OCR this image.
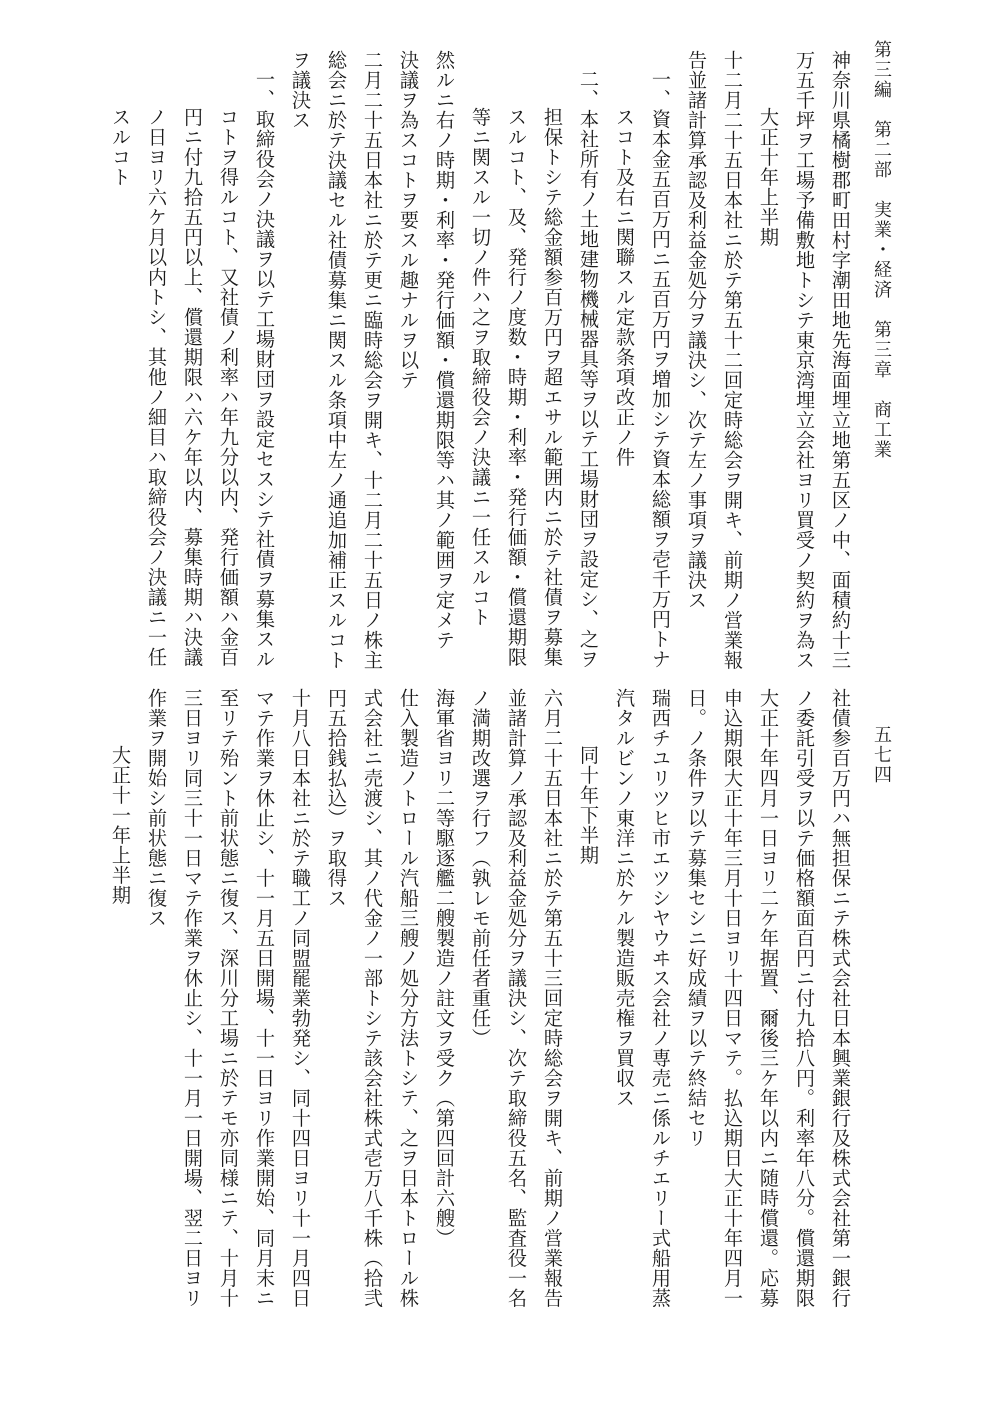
第三編　第二部　実業・経済　第三章　商工業
五七四
神奈川県橘樹郡町田村字潮田地先海面埋立地第五区ノ中、面積約十三
万五千坪ヲ工場予備敷地トシテ東京湾埋立会社ヨリ買受ノ契約ヲ為ス
大正十年上半期
十二月二十五日本社ニ於テ第五十二回定時総会ヲ開キ、前期ノ営業報
告並諸計算承認及利益金処分ヲ議決シ、次テ左ノ事項ヲ議決ス
一、資本金五百万円ニ五百万円ヲ増加シテ資本総額ヲ壱千万円トナ
スコト及右ニ関聯スル定款条項改正ノ件
二、本社所有ノ土地建物機械器具等ヲ以テ工場財団ヲ設定シ、之ヲ
担保トシテ総金額参百万円ヲ超エサル範囲内ニ於テ社債ヲ募集
スルコト、及、発行ノ度数・時期・利率・発行価額・償還期限
等ニ関スル一切ノ件ハ之ヲ取締役会ノ決議ニ一任スルコト
然ルニ右ノ時期・利率・発行価額・償還期限等ハ其ノ範囲ヲ定メテ
決議ヲ為スコトヲ要スル趣ナルヲ以テ
二月二十五日本社ニ於テ更ニ臨時総会ヲ開キ、十二月二十五日ノ株主
総会ニ於テ決議セル社債募集ニ関スル条項中左ノ通追加補正スルコト
ヲ議決ス
一、取締役会ノ決議ヲ以テ工場財団ヲ設定セスシテ社債ヲ募集スル
コトヲ得ルコト、又社債ノ利率ハ年九分以内、発行価額ハ金百
円ニ付九拾五円以上、償還期限ハ六ケ年以内、募集時期ハ決議
ノ日ヨリ六ケ月以内トシ、其他ノ細目ハ取締役会ノ決議ニ一任
スルコト
社債参百万円ハ無担保ニテ株式会社日本興業銀行及株式会社第一銀行
ノ委託引受ヲ以テ価格額面百円ニ付九拾八円。利率年八分。償還期限
大正十年四月一日ヨリ二ケ年据置、爾後三ケ年以内ニ随時償還。応募
申込期限大正十年三月十日ヨリ十四日マテ。払込期日大正十年四月一
日。ノ条件ヲ以テ募集セシニ好成績ヲ以テ終結セリ
瑞西チユリツヒ市エツシヤウヰス会社ノ専売ニ係ルチエリー式船用蒸
汽タルビンノ東洋ニ於ケル製造販売権ヲ買収ス
同十年下半期
六月二十五日本社ニ於テ第五十三回定時総会ヲ開キ、前期ノ営業報告
並諸計算ノ承認及利益金処分ヲ議決シ、次テ取締役五名、監査役一名
ノ満期改選ヲ行フ（孰レモ前任者重任）
海軍省ヨリ二等駆逐艦二艘製造ノ註文ヲ受ク（第四回計六艘）
仕入製造ノトロール汽船三艘ノ処分方法トシテ、之ヲ日本トロール株
式会社ニ売渡シ、其ノ代金ノ一部トシテ該会社株式壱万八千株（拾弐
円五拾銭払込）ヲ取得ス
十月八日本社ニ於テ職工ノ同盟罷業勃発シ、同十四日ヨリ十一月四日
マテ作業ヲ休止シ、十一月五日開場、十一日ヨリ作業開始、同月末ニ
至リテ殆ント前状態ニ復ス、深川分工場ニ於テモ亦同様ニテ、十月十
三日ヨリ同三十一日マテ作業ヲ休止シ、十一月一日開場、翌二日ヨリ
作業ヲ開始シ前状態ニ復ス
大正十一年上半期
